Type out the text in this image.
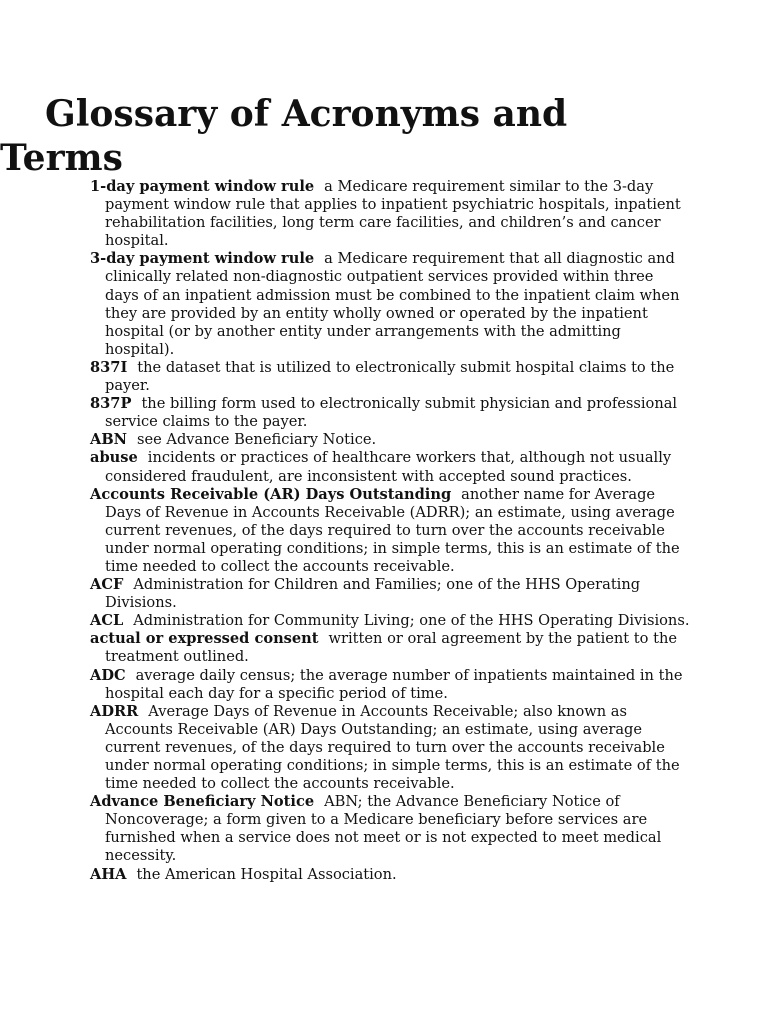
Glossary of Acronyms and Terms

1-day payment window rule a Medicare requirement similar to the 3-day payment window rule that applies to inpatient psychiatric hospitals, inpatient rehabilitation facilities, long term care facilities, and children’s and cancer hospital.

3-day payment window rule a Medicare requirement that all diagnostic and clinically related non-diagnostic outpatient services provided within three days of an inpatient admission must be combined to the inpatient claim when they are provided by an entity wholly owned or operated by the inpatient hospital (or by another entity under arrangements with the admitting hospital).

837I the dataset that is utilized to electronically submit hospital claims to the payer.

837P the billing form used to electronically submit physician and professional service claims to the payer.

ABN see Advance Beneficiary Notice.

abuse incidents or practices of healthcare workers that, although not usually considered fraudulent, are inconsistent with accepted sound practices.

Accounts Receivable (AR) Days Outstanding another name for Average Days of Revenue in Accounts Receivable (ADRR); an estimate, using average current revenues, of the days required to turn over the accounts receivable under normal operating conditions; in simple terms, this is an estimate of the time needed to collect the accounts receivable.

ACF Administration for Children and Families; one of the HHS Operating Divisions.

ACL Administration for Community Living; one of the HHS Operating Divisions.

actual or expressed consent written or oral agreement by the patient to the treatment outlined.

ADC average daily census; the average number of inpatients maintained in the hospital each day for a specific period of time.

ADRR Average Days of Revenue in Accounts Receivable; also known as Accounts Receivable (AR) Days Outstanding; an estimate, using average current revenues, of the days required to turn over the accounts receivable under normal operating conditions; in simple terms, this is an estimate of the time needed to collect the accounts receivable.

Advance Beneficiary Notice ABN; the Advance Beneficiary Notice of Noncoverage; a form given to a Medicare beneficiary before services are furnished when a service does not meet or is not expected to meet medical necessity.

AHA the American Hospital Association.
